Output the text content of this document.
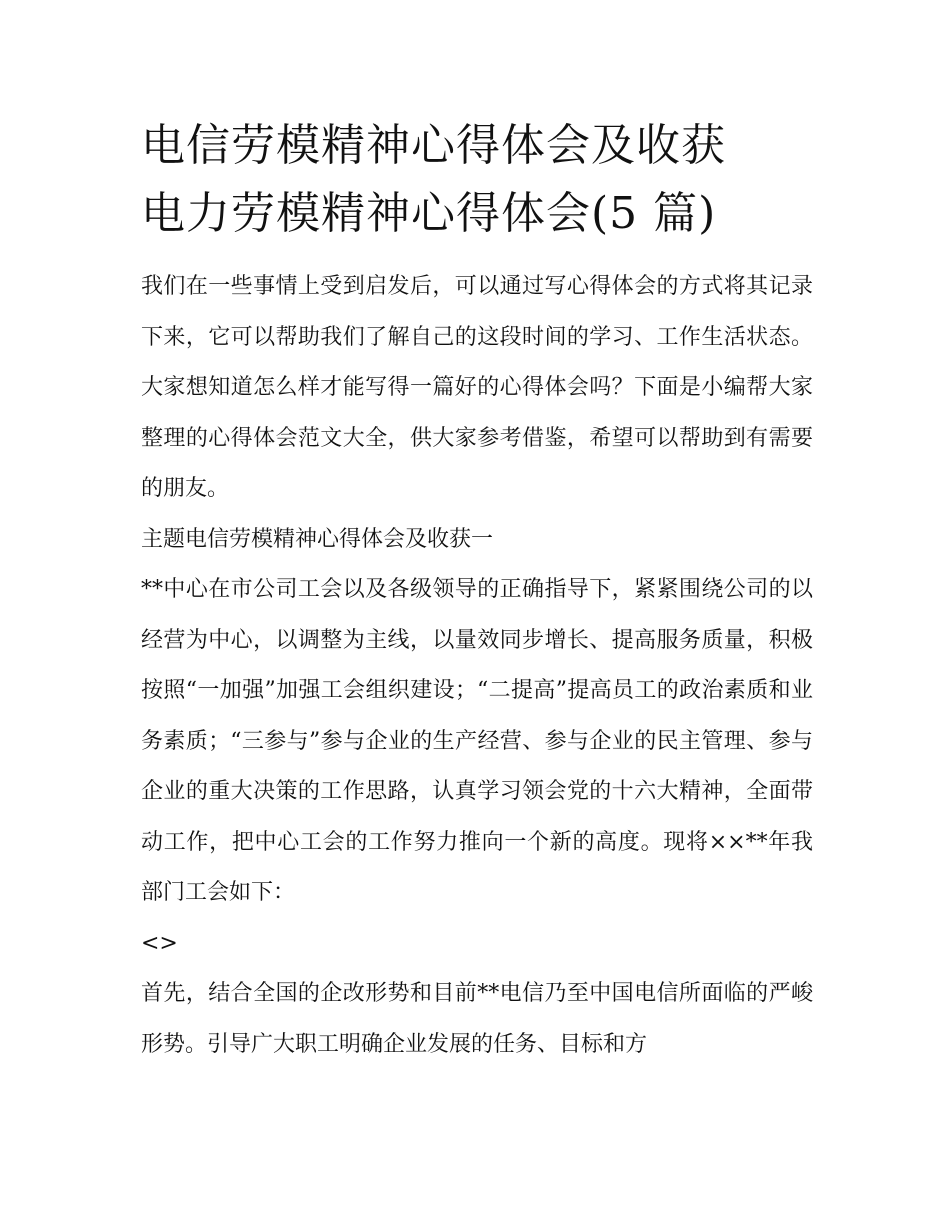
电信劳模精神心得体会及收获
电力劳模精神心得体会(5 篇)

我们在一些事情上受到启发后，可以通过写心得体会的方式将其记录下来，它可以帮助我们了解自己的这段时间的学习、工作生活状态。大家想知道怎么样才能写得一篇好的心得体会吗？下面是小编帮大家整理的心得体会范文大全，供大家参考借鉴，希望可以帮助到有需要的朋友。

主题电信劳模精神心得体会及收获一

**中心在市公司工会以及各级领导的正确指导下，紧紧围绕公司的以经营为中心，以调整为主线，以量效同步增长、提高服务质量，积极按照“一加强”加强工会组织建设；“二提高”提高员工的政治素质和业务素质；“三参与”参与企业的生产经营、参与企业的民主管理、参与企业的重大决策的工作思路，认真学习领会党的十六大精神，全面带动工作，把中心工会的工作努力推向一个新的高度。现将××**年我部门工会如下：

<>

首先，结合全国的企改形势和目前**电信乃至中国电信所面临的严峻形势。引导广大职工明确企业发展的任务、目标和方
